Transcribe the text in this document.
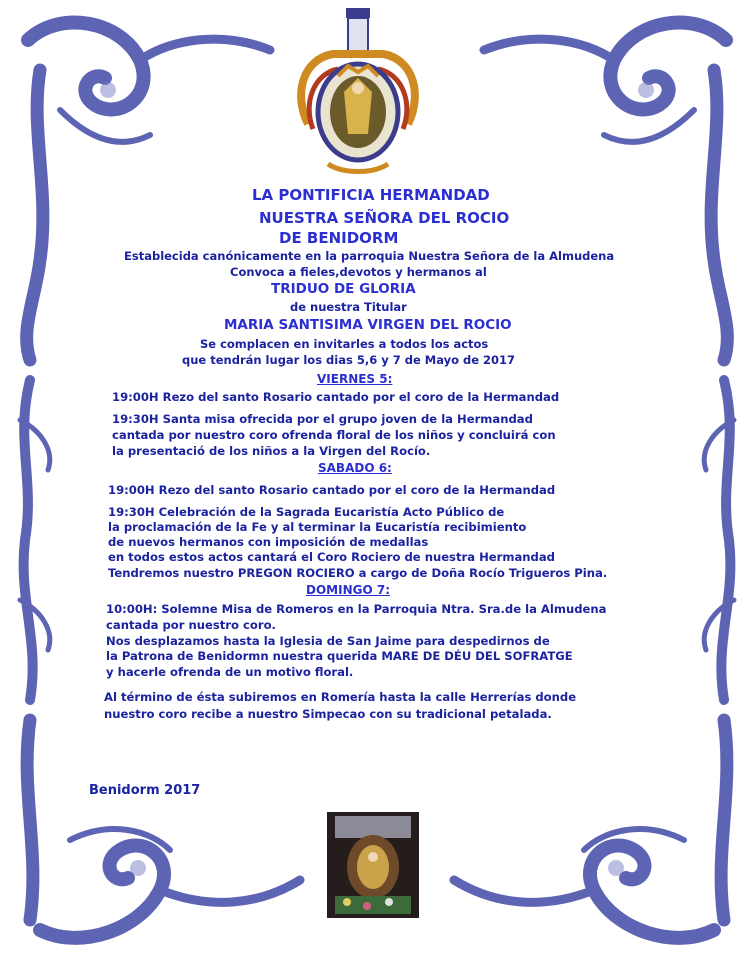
LA PONTIFICIA HERMANDAD
NUESTRA SEÑORA DEL ROCIO
DE BENIDORM
Establecida canónicamente en la parroquia Nuestra Señora de la Almudena
Convoca a fieles,devotos y hermanos al
TRIDUO DE GLORIA
de nuestra Titular
MARIA SANTISIMA VIRGEN DEL ROCIO
Se complacen en invitarles a todos los actos
que tendrán lugar los dias 5,6 y 7 de Mayo de 2017
VIERNES 5:
19:00H Rezo del santo Rosario cantado por el coro de la Hermandad
19:30H Santa misa ofrecida por el grupo joven de la Hermandad
cantada por nuestro coro ofrenda floral de los niños y concluirá con
la presentació de los niños a la Virgen del Rocío.
SABADO 6:
19:00H Rezo del santo Rosario cantado por el coro de la Hermandad
19:30H Celebración de la Sagrada Eucaristía Acto Público de
la proclamación de la Fe y al terminar la Eucaristía recibimiento
de nuevos hermanos con imposición de medallas
en todos estos actos cantará el Coro Rociero de nuestra Hermandad
Tendremos nuestro PREGON ROCIERO a cargo de Doña Rocío Trigueros Pina.
DOMINGO 7:
10:00H: Solemne Misa de Romeros en la Parroquia Ntra. Sra.de la Almudena
cantada por nuestro coro.
Nos desplazamos hasta la Iglesia de San Jaime para despedirnos de
la Patrona de Benidormn nuestra querida MARE DE DÉU DEL SOFRATGE
y hacerle ofrenda de un motivo floral.
Al término de ésta subiremos en Romería hasta la calle Herrerías donde
nuestro coro recibe a nuestro Simpecao con su tradicional petalada.
Benidorm 2017
